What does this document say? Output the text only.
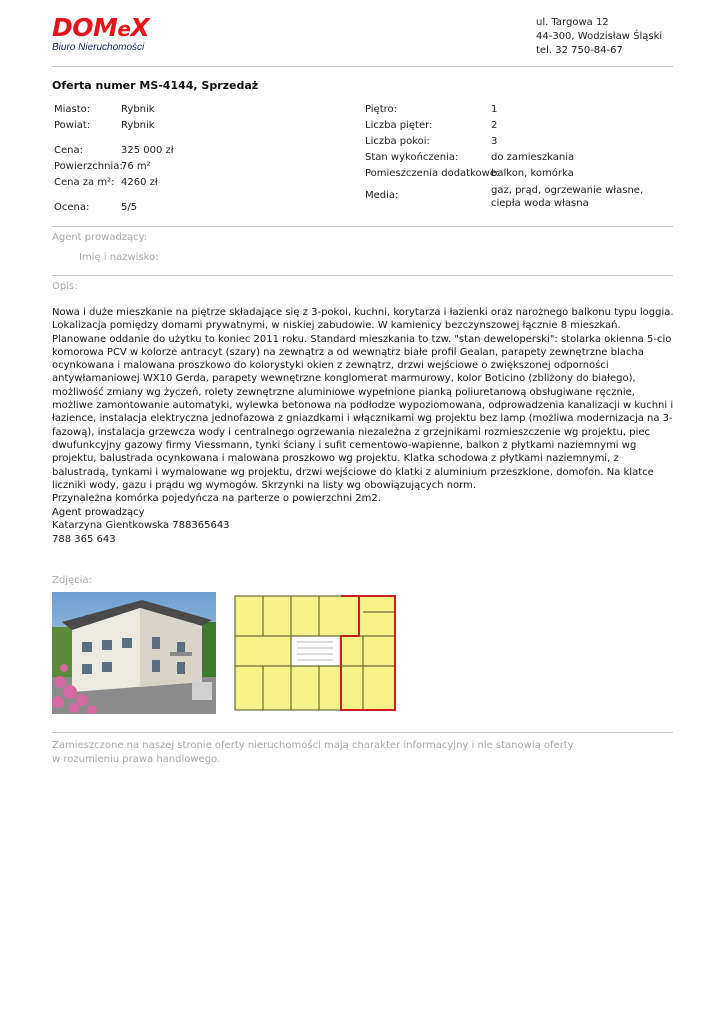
DOMeX
Biuro Nieruchomości
ul. Targowa 12
44-300, Wodzisław Śląski
tel. 32 750-84-67
Oferta numer MS-4144, Sprzedaż
Miasto:	Rybnik
Powiat:	Rybnik
Cena:	325 000 zł
Powierzchnia:
76 m²
Cena za m²: 4260 zł
Ocena:	5/5
Piętro:	1
Liczba pięter:	2
Liczba pokoi:	3
Stan wykończenia:	do zamieszkania
Pomieszczenia dodatkowe:
balkon, komórka
Media:	gaz, prąd, ogrzewanie własne, ciepła woda własna
Agent prowadzący:
Imię i nazwisko:
Opis:

Nowa i duże mieszkanie na piętrze składające się z 3-pokoi, kuchni, korytarza i łazienki oraz narożnego balkonu typu loggia. Lokalizacja pomiędzy domami prywatnymi, w niskiej zabudowie. W kamienicy bezczynszowej łącznie 8 mieszkań. Planowane oddanie do użytku to koniec 2011 roku. Standard mieszkania to tzw. "stan deweloperski": stolarka okienna 5-cio komorowa PCV w kolorze antracyt (szary) na zewnątrz a od wewnątrz białe profil Gealan, parapety zewnętrzne blacha ocynkowana i malowana proszkowo do kolorystyki okien z zewnątrz, drzwi wejściowe o zwiększonej odporności antywłamaniowej WX10 Gerda, parapety wewnętrzne konglomerat marmurowy, kolor Boticino (zbliżony do białego), możliwość zmiany wg życzeń, rolety zewnętrzne aluminiowe wypełnione pianką poliuretanową obsługiwane ręcznie, możliwe zamontowanie automatyki, wylewka betonowa na podłodze wypoziomowana, odprowadzenia kanalizacji w kuchni i łazience, instalacja elektryczna jednofazowa z gniazdkami i włącznikami wg projektu bez lamp (możliwa modernizacja na 3-fazową), instalacja grzewcza wody i centralnego ogrzewania niezależna z grzejnikami rozmieszczenie wg projektu, piec dwufunkcyjny gazowy firmy Viessmann, tynki ściany i sufit cementowo-wapienne, balkon z płytkami naziemnymi wg projektu, balustrada ocynkowana i malowana proszkowo wg projektu. Klatka schodowa z płytkami naziemnymi, z balustradą, tynkami i wymalowane wg projektu, drzwi wejściowe do klatki z aluminium przeszklone, domofon. Na klatce liczniki wody, gazu i prądu wg wymogów. Skrzynki na listy wg obowiązujących norm.

Przynależna komórka pojedyńcza na parterze o powierzchni 2m2.

Agent prowadzący
Katarzyna Gientkowska 788365643
788 365 643
Zdjęcia:
Zamieszczone na naszej stronie oferty nieruchomości mają charakter informacyjny i nie stanowią oferty
w rozumieniu prawa handlowego.
